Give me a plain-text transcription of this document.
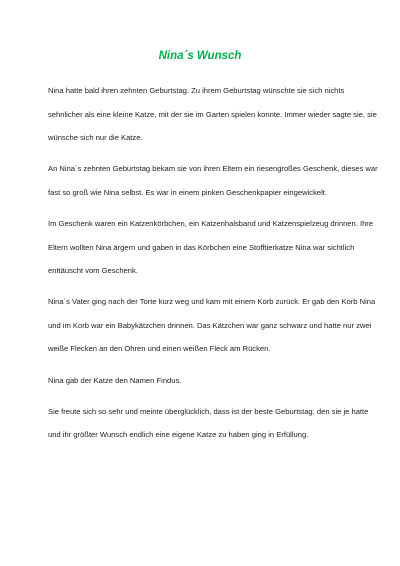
Nina´s Wunsch

Nina hatte bald ihren zehnten Geburtstag. Zu ihrem Geburtstag wünschte sie sich nichts sehnlicher als eine kleine Katze, mit der sie im Garten spielen konnte. Immer wieder sagte sie, sie wünsche sich nur die Katze.

An Nina´s zehnten Geburtstag bekam sie von ihren Eltern ein riesengroßes Geschenk, dieses war fast so groß wie Nina selbst. Es war in einem pinken Geschenkpapier eingewickelt.

Im Geschenk waren ein Katzenkörbchen, ein Katzenhalsband und Katzenspielzeug drinnen. Ihre Eltern wollten Nina ärgern und gaben in das Körbchen eine Stofftierkatze Nina war sichtlich enttäuscht vom Geschenk.

Nina´s Vater ging nach der Torte kurz weg und kam mit einem Korb zurück. Er gab den Korb Nina und im Korb war ein Babykätzchen drinnen. Das Kätzchen war ganz schwarz und hatte nur zwei weiße Flecken an den Ohren und einen weißen Fleck am Rücken.

Nina gab der Katze den Namen Findus.

Sie freute sich so sehr und meinte überglücklich, dass ist der beste Geburtstag, den sie je hatte und ihr größter Wunsch endlich eine eigene Katze zu haben ging in Erfüllung.
